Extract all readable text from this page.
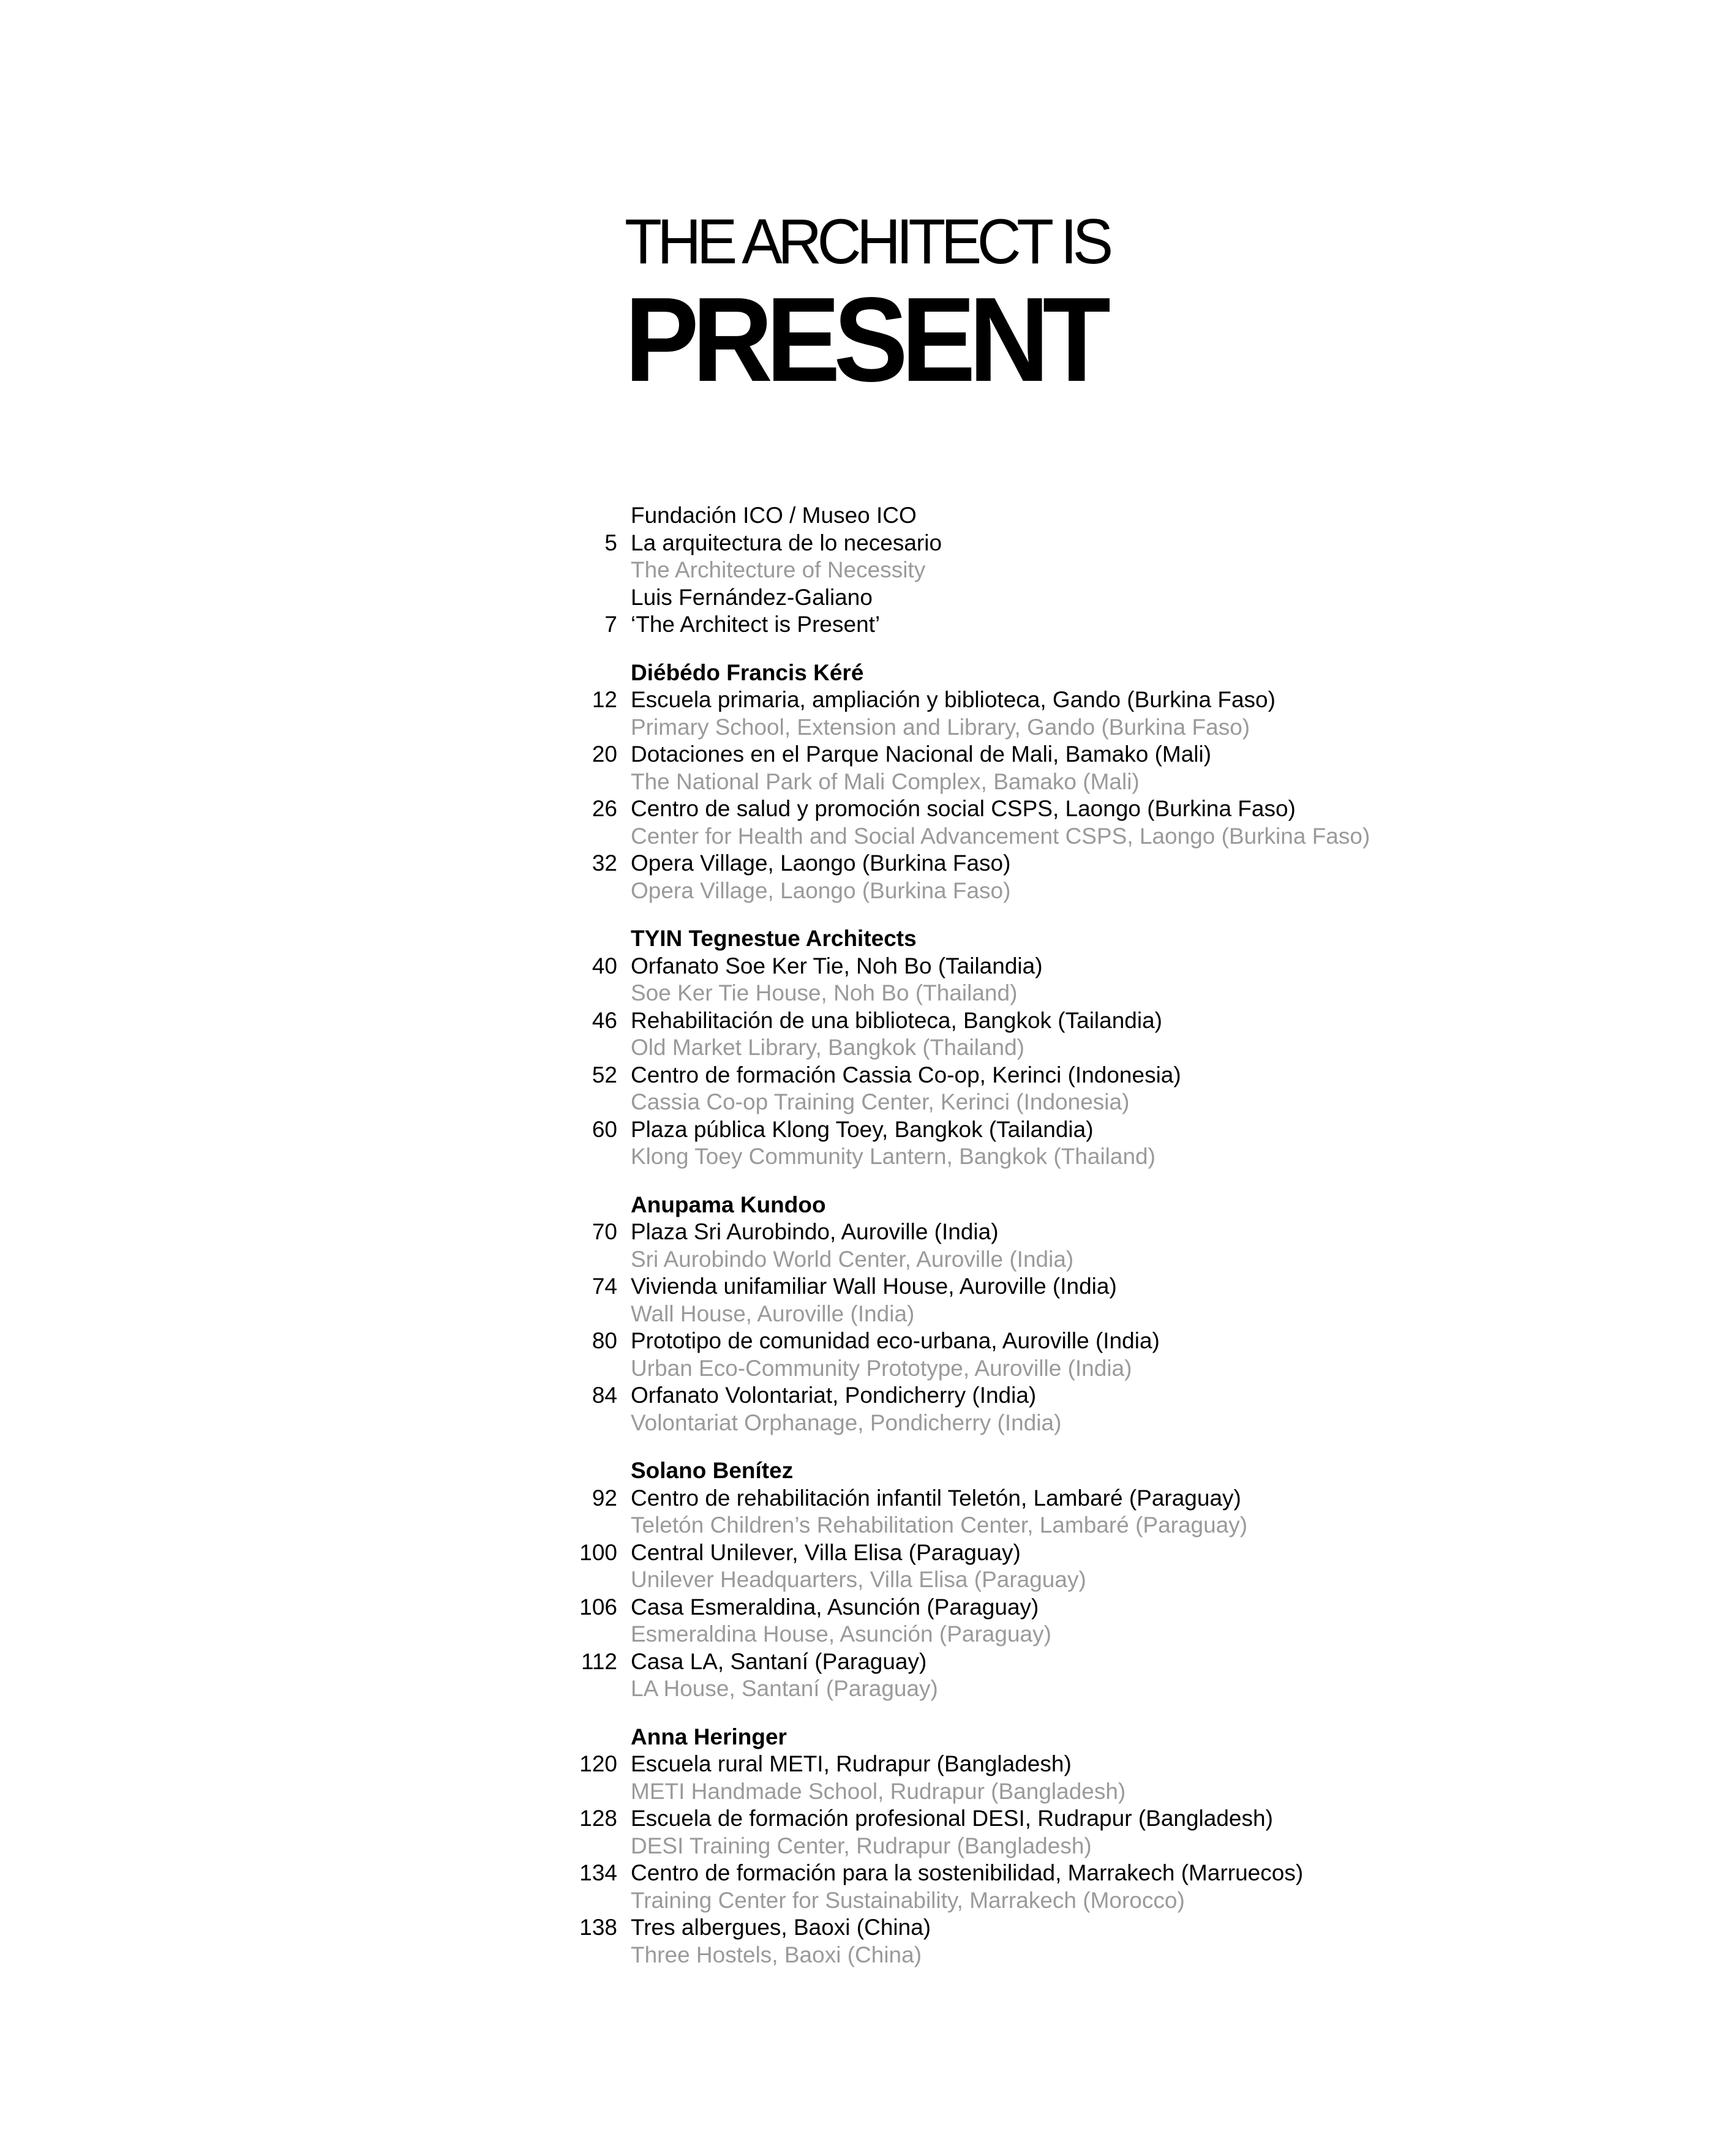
THE ARCHITECT IS
PRESENT
Fundación ICO / Museo ICO
5 La arquitectura de lo necesario
The Architecture of Necessity
Luis Fernández-Galiano
7 ‘The Architect is Present’
Diébédo Francis Kéré
12 Escuela primaria, ampliación y biblioteca, Gando (Burkina Faso)
Primary School, Extension and Library, Gando (Burkina Faso)
20 Dotaciones en el Parque Nacional de Mali, Bamako (Mali)
The National Park of Mali Complex, Bamako (Mali)
26 Centro de salud y promoción social CSPS, Laongo (Burkina Faso)
Center for Health and Social Advancement CSPS, Laongo (Burkina Faso)
32 Opera Village, Laongo (Burkina Faso)
Opera Village, Laongo (Burkina Faso)
TYIN Tegnestue Architects
40 Orfanato Soe Ker Tie, Noh Bo (Tailandia)
Soe Ker Tie House, Noh Bo (Thailand)
46 Rehabilitación de una biblioteca, Bangkok (Tailandia)
Old Market Library, Bangkok (Thailand)
52 Centro de formación Cassia Co-op, Kerinci (Indonesia)
Cassia Co-op Training Center, Kerinci (Indonesia)
60 Plaza pública Klong Toey, Bangkok (Tailandia)
Klong Toey Community Lantern, Bangkok (Thailand)
Anupama Kundoo
70 Plaza Sri Aurobindo, Auroville (India)
Sri Aurobindo World Center, Auroville (India)
74 Vivienda unifamiliar Wall House, Auroville (India)
Wall House, Auroville (India)
80 Prototipo de comunidad eco-urbana, Auroville (India)
Urban Eco-Community Prototype, Auroville (India)
84 Orfanato Volontariat, Pondicherry (India)
Volontariat Orphanage, Pondicherry (India)
Solano Benítez
92 Centro de rehabilitación infantil Teletón, Lambaré (Paraguay)
Teletón Children’s Rehabilitation Center, Lambaré (Paraguay)
100 Central Unilever, Villa Elisa (Paraguay)
Unilever Headquarters, Villa Elisa (Paraguay)
106 Casa Esmeraldina, Asunción (Paraguay)
Esmeraldina House, Asunción (Paraguay)
112 Casa LA, Santaní (Paraguay)
LA House, Santaní (Paraguay)
Anna Heringer
120 Escuela rural METI, Rudrapur (Bangladesh)
METI Handmade School, Rudrapur (Bangladesh)
128 Escuela de formación profesional DESI, Rudrapur (Bangladesh)
DESI Training Center, Rudrapur (Bangladesh)
134 Centro de formación para la sostenibilidad, Marrakech (Marruecos)
Training Center for Sustainability, Marrakech (Morocco)
138 Tres albergues, Baoxi (China)
Three Hostels, Baoxi (China)
